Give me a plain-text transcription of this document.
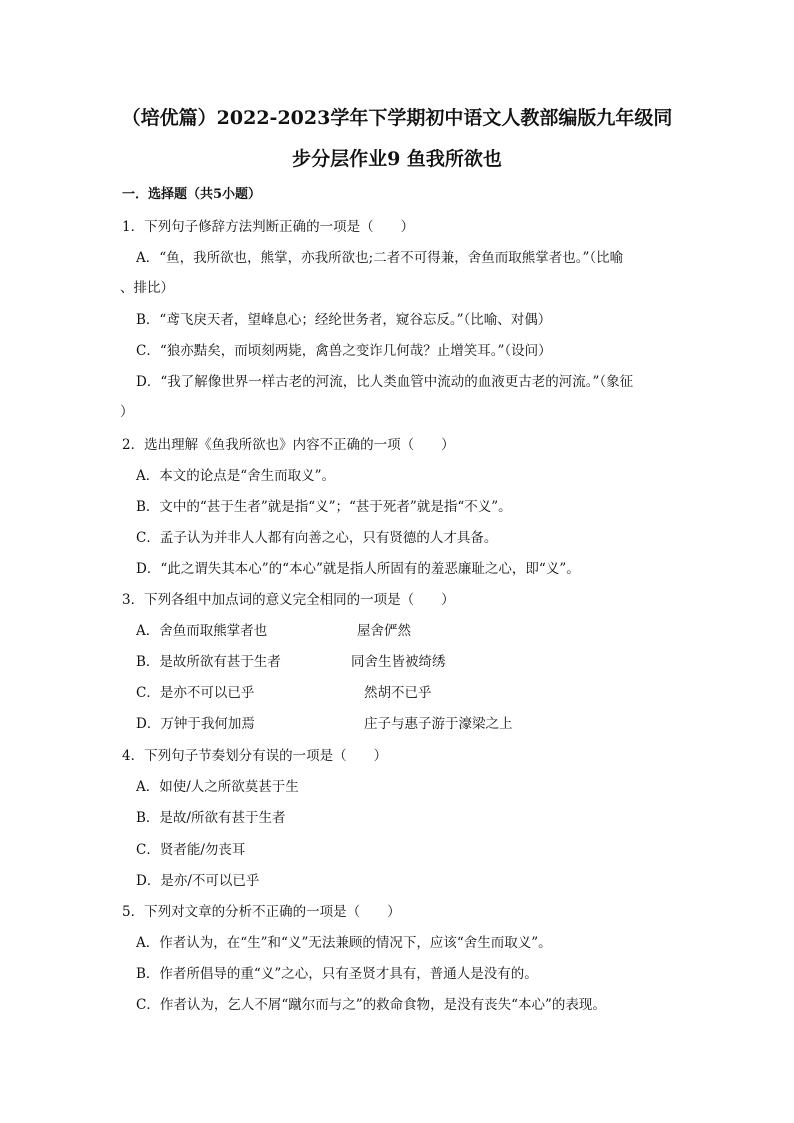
（培优篇）2022-2023学年下学期初中语文人教部编版九年级同
步分层作业9 鱼我所欲也
一．选择题（共5小题）
1．下列句子修辞方法判断正确的一项是（　　）
A．“鱼，我所欲也，熊掌，亦我所欲也;二者不可得兼，舍鱼而取熊掌者也。”（比喻
、排比）
B．“鸢飞戾天者，望峰息心；经纶世务者，窥谷忘反。”（比喻、对偶）
C．“狼亦黠矣，而顷刻两毙，禽兽之变诈几何哉？止增笑耳。”（设问）
D．“我了解像世界一样古老的河流，比人类血管中流动的血液更古老的河流。”（象征
）
2．选出理解《鱼我所欲也》内容不正确的一项（　　）
A．本文的论点是“舍生而取义”。
B．文中的“甚于生者”就是指“义”；“甚于死者”就是指“不义”。
C．孟子认为并非人人都有向善之心，只有贤德的人才具备。
D．“此之谓失其本心”的“本心”就是指人所固有的羞恶廉耻之心，即“义”。
3．下列各组中加点词的意义完全相同的一项是（　　）
A．舍鱼而取熊掌者也	屋舍俨然
B．是故所欲有甚于生者	同舍生皆被绮绣
C．是亦不可以已乎	然胡不已乎
D．万钟于我何加焉	庄子与惠子游于濠梁之上
4．下列句子节奏划分有误的一项是（　　）
A．如使/人之所欲莫甚于生
B．是故/所欲有甚于生者
C．贤者能/勿丧耳
D．是亦/不可以已乎
5．下列对文章的分析不正确的一项是（　　）
A．作者认为，在“生”和“义”无法兼顾的情况下，应该“舍生而取义”。
B．作者所倡导的重“义”之心，只有圣贤才具有，普通人是没有的。
C．作者认为，乞人不屑“蹴尔而与之”的救命食物，是没有丧失“本心”的表现。
